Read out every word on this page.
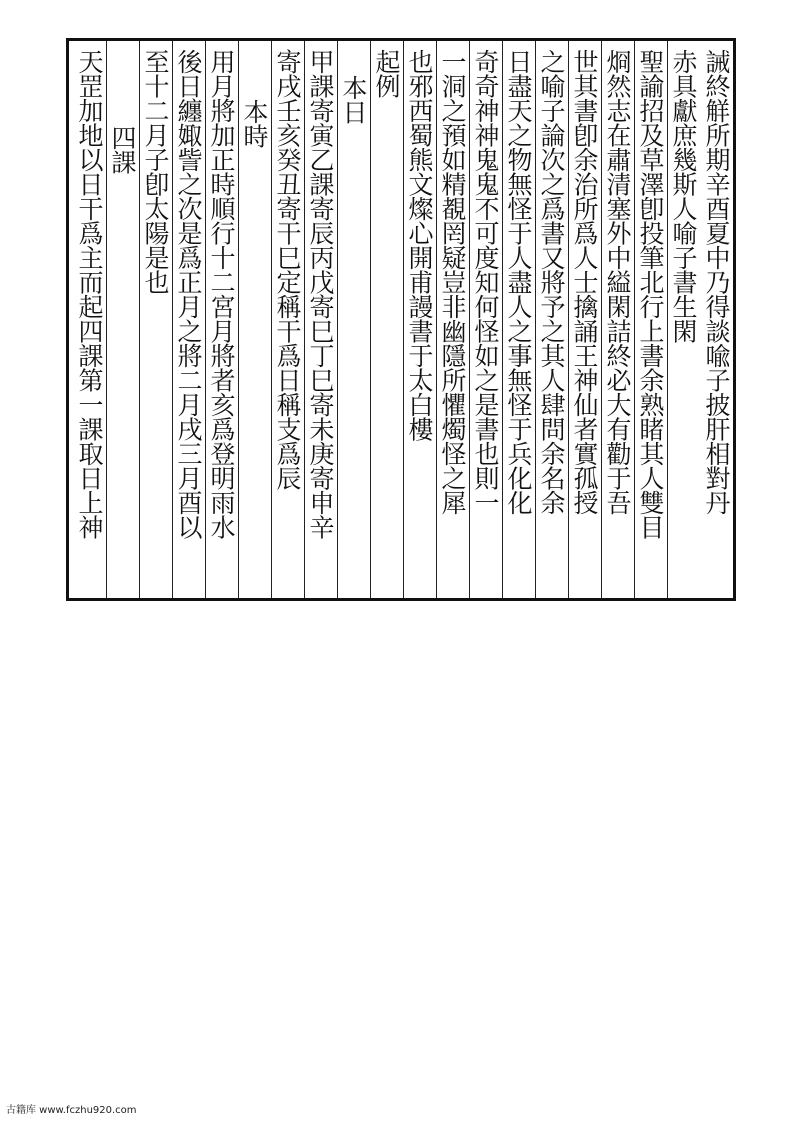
誡終觧所期辛酉夏中乃得談喩子披肝相對丹
赤具獻庶幾斯人喻子書生閑
聖諭招及草澤卽投筆北行上書余熟睹其人雙目
烱然志在肅清塞外中縊閑詰終必大有勸于吾
世其書卽余治所爲人士擒誦王神仙者實孤授
之喻子論次之爲書又將予之其人肆問余名余
日盡天之物無怪于人盡人之事無怪于兵化化
奇奇神神鬼鬼不可度知何怪如之是書也則一
一洞之預如精覩罔疑豈非幽隱所懼燭怪之犀
也邪西蜀熊文燦心開甫謾書于太白樓
起例
本日
甲課寄寅乙課寄辰丙戊寄巳丁巳寄未庚寄申辛
寄戌壬亥癸丑寄干巳定稱干爲日稱支爲辰
本時
用月將加正時順行十二宮月將者亥爲登明雨水
後日纏娵訾之次是爲正月之將二月戌三月酉以
至十二月子卽太陽是也
四課
天罡加地以日干爲主而起四課第一課取日上神
古籍库 www.fczhu920.com
